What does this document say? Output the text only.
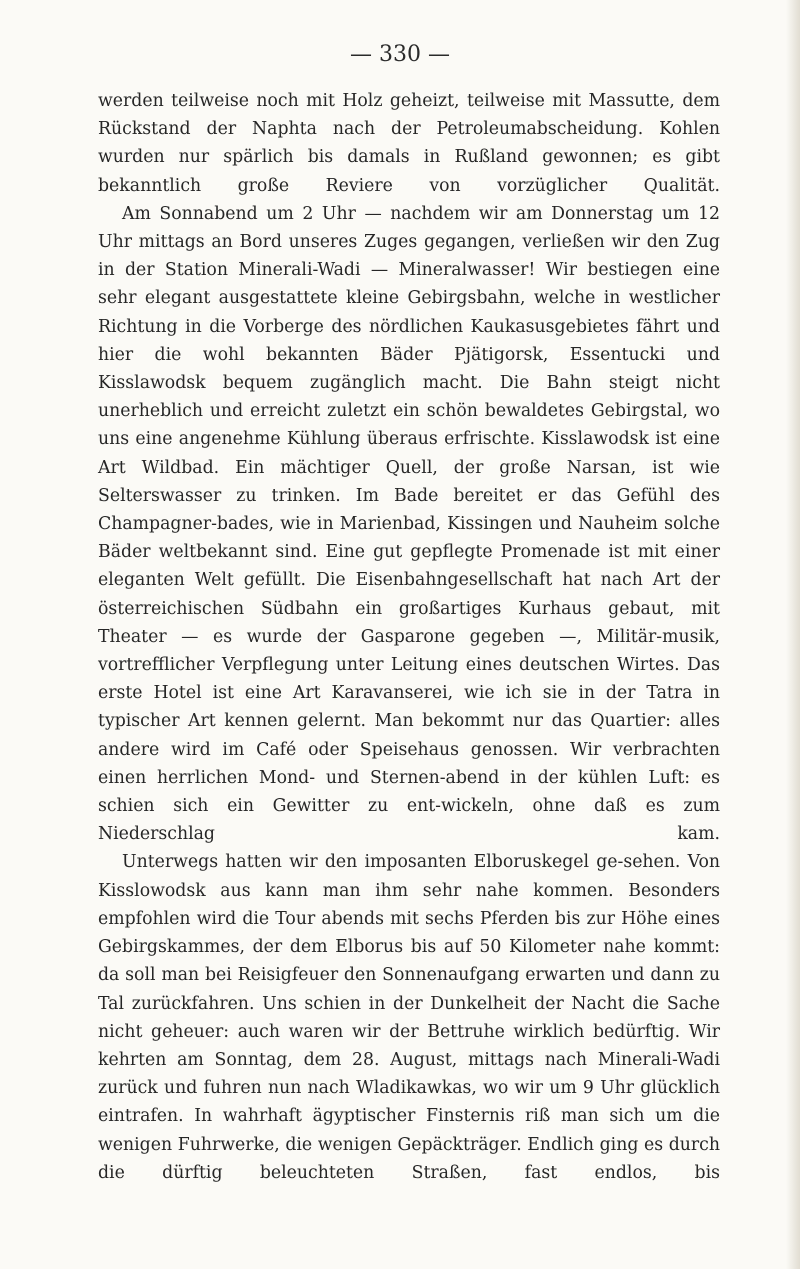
— 330 —

werden teilweise noch mit Holz geheizt, teilweise mit Massutte, dem Rückstand der Naphta nach der Petroleumabscheidung. Kohlen wurden nur spärlich bis damals in Rußland gewonnen; es gibt bekanntlich große Reviere von vorzüglicher Qualität.

Am Sonnabend um 2 Uhr — nachdem wir am Donnerstag um 12 Uhr mittags an Bord unseres Zuges gegangen, verließen wir den Zug in der Station Minerali-Wadi — Mineralwasser! Wir bestiegen eine sehr elegant ausgestattete kleine Gebirgsbahn, welche in westlicher Richtung in die Vorberge des nördlichen Kaukasusgebietes fährt und hier die wohl bekannten Bäder Pjätigorsk, Essentucki und Kisslawodsk bequem zugänglich macht. Die Bahn steigt nicht unerheblich und erreicht zuletzt ein schön bewaldetes Gebirgstal, wo uns eine angenehme Kühlung überaus erfrischte. Kisslawodsk ist eine Art Wildbad. Ein mächtiger Quell, der große Narsan, ist wie Selterswasser zu trinken. Im Bade bereitet er das Gefühl des Champagner-bades, wie in Marienbad, Kissingen und Nauheim solche Bäder weltbekannt sind. Eine gut gepflegte Promenade ist mit einer eleganten Welt gefüllt. Die Eisenbahngesellschaft hat nach Art der österreichischen Südbahn ein großartiges Kurhaus gebaut, mit Theater — es wurde der Gasparone gegeben —, Militär-musik, vortrefflicher Verpflegung unter Leitung eines deutschen Wirtes. Das erste Hotel ist eine Art Karavanserei, wie ich sie in der Tatra in typischer Art kennen gelernt. Man bekommt nur das Quartier: alles andere wird im Café oder Speisehaus genossen. Wir verbrachten einen herrlichen Mond- und Sternen-abend in der kühlen Luft: es schien sich ein Gewitter zu ent-wickeln, ohne daß es zum Niederschlag kam.

Unterwegs hatten wir den imposanten Elboruskegel ge-sehen. Von Kisslowodsk aus kann man ihm sehr nahe kommen. Besonders empfohlen wird die Tour abends mit sechs Pferden bis zur Höhe eines Gebirgskammes, der dem Elborus bis auf 50 Kilometer nahe kommt: da soll man bei Reisigfeuer den Sonnenaufgang erwarten und dann zu Tal zurückfahren. Uns schien in der Dunkelheit der Nacht die Sache nicht geheuer: auch waren wir der Bettruhe wirklich bedürftig. Wir kehrten am Sonntag, dem 28. August, mittags nach Minerali-Wadi zurück und fuhren nun nach Wladikawkas, wo wir um 9 Uhr glücklich eintrafen. In wahrhaft ägyptischer Finsternis riß man sich um die wenigen Fuhrwerke, die wenigen Gepäckträger. Endlich ging es durch die dürftig beleuchteten Straßen, fast endlos, bis
